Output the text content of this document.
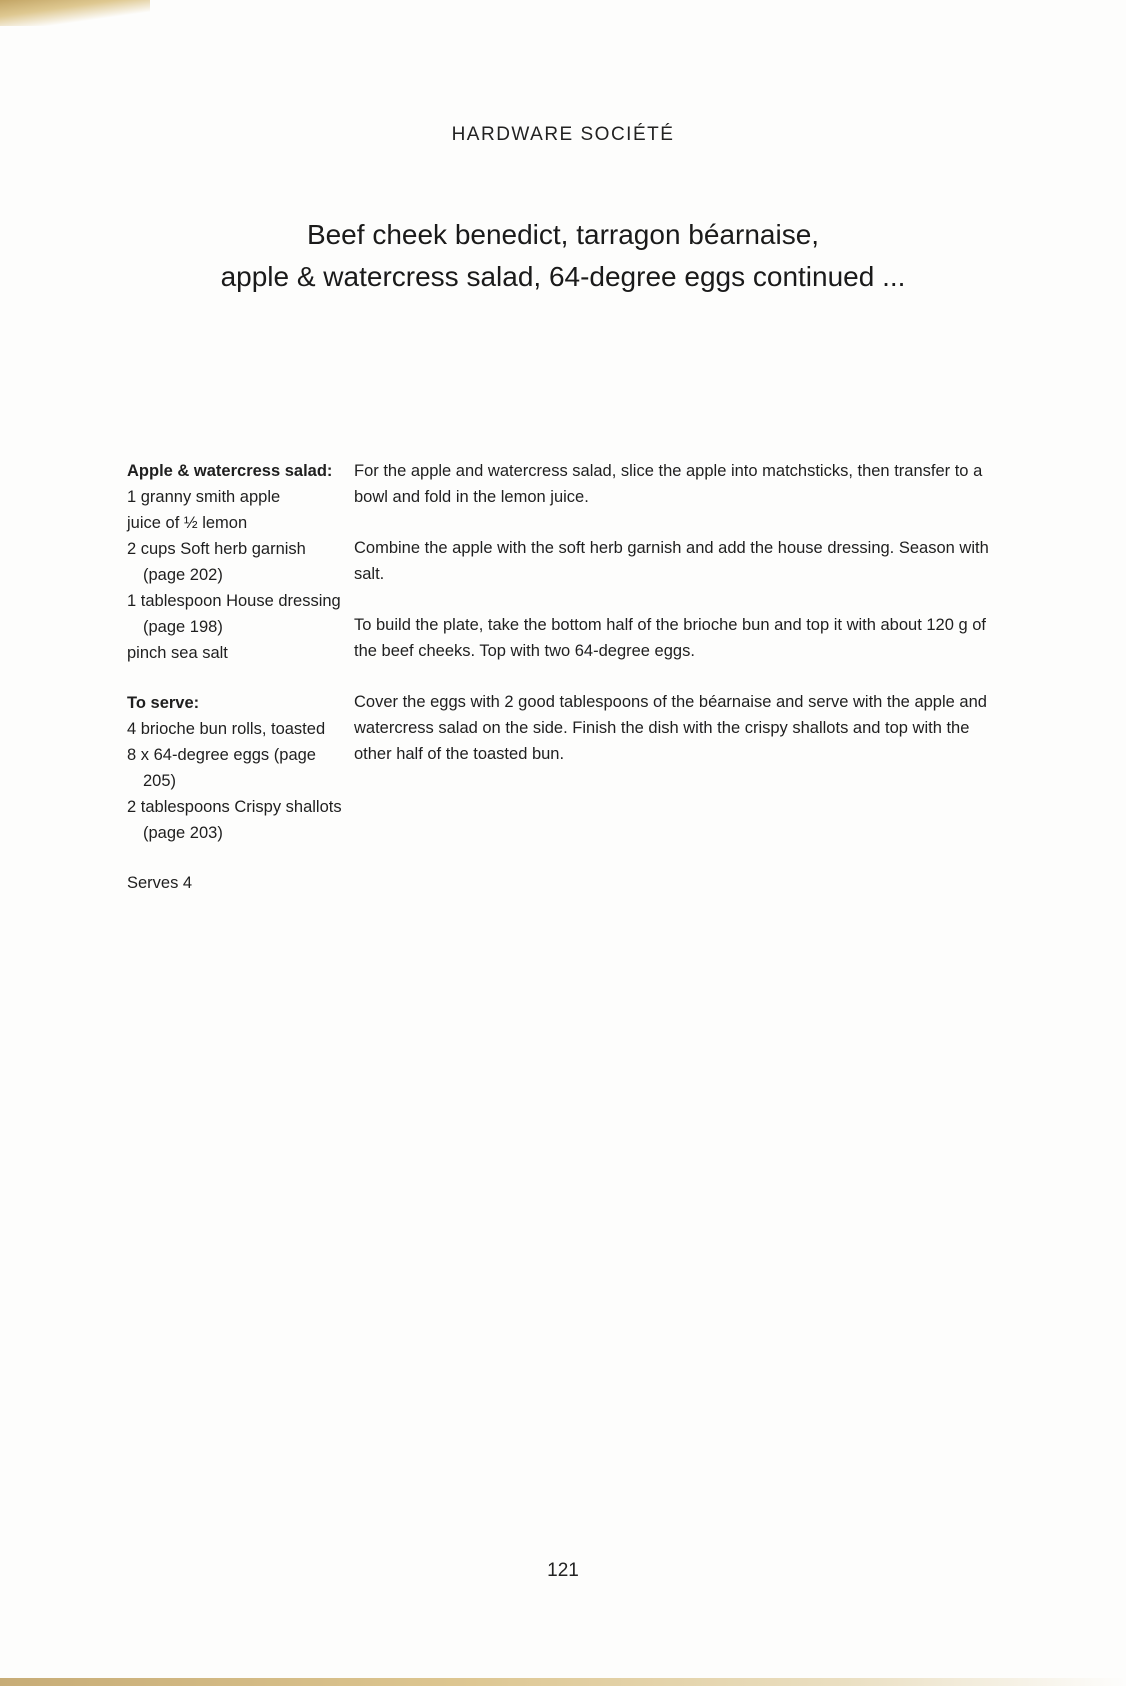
HARDWARE SOCIÉTÉ
Beef cheek benedict, tarragon béarnaise,
apple & watercress salad, 64-degree eggs continued ...
Apple & watercress salad:
1 granny smith apple
juice of ½ lemon
2 cups Soft herb garnish (page 202)
1 tablespoon House dressing (page 198)
pinch sea salt
To serve:
4 brioche bun rolls, toasted
8 x 64-degree eggs (page 205)
2 tablespoons Crispy shallots (page 203)
Serves 4

For the apple and watercress salad, slice the apple into matchsticks, then transfer to a bowl and fold in the lemon juice.

Combine the apple with the soft herb garnish and add the house dressing. Season with salt.

To build the plate, take the bottom half of the brioche bun and top it with about 120 g of the beef cheeks. Top with two 64-degree eggs.

Cover the eggs with 2 good tablespoons of the béarnaise and serve with the apple and watercress salad on the side. Finish the dish with the crispy shallots and top with the other half of the toasted bun.

121
